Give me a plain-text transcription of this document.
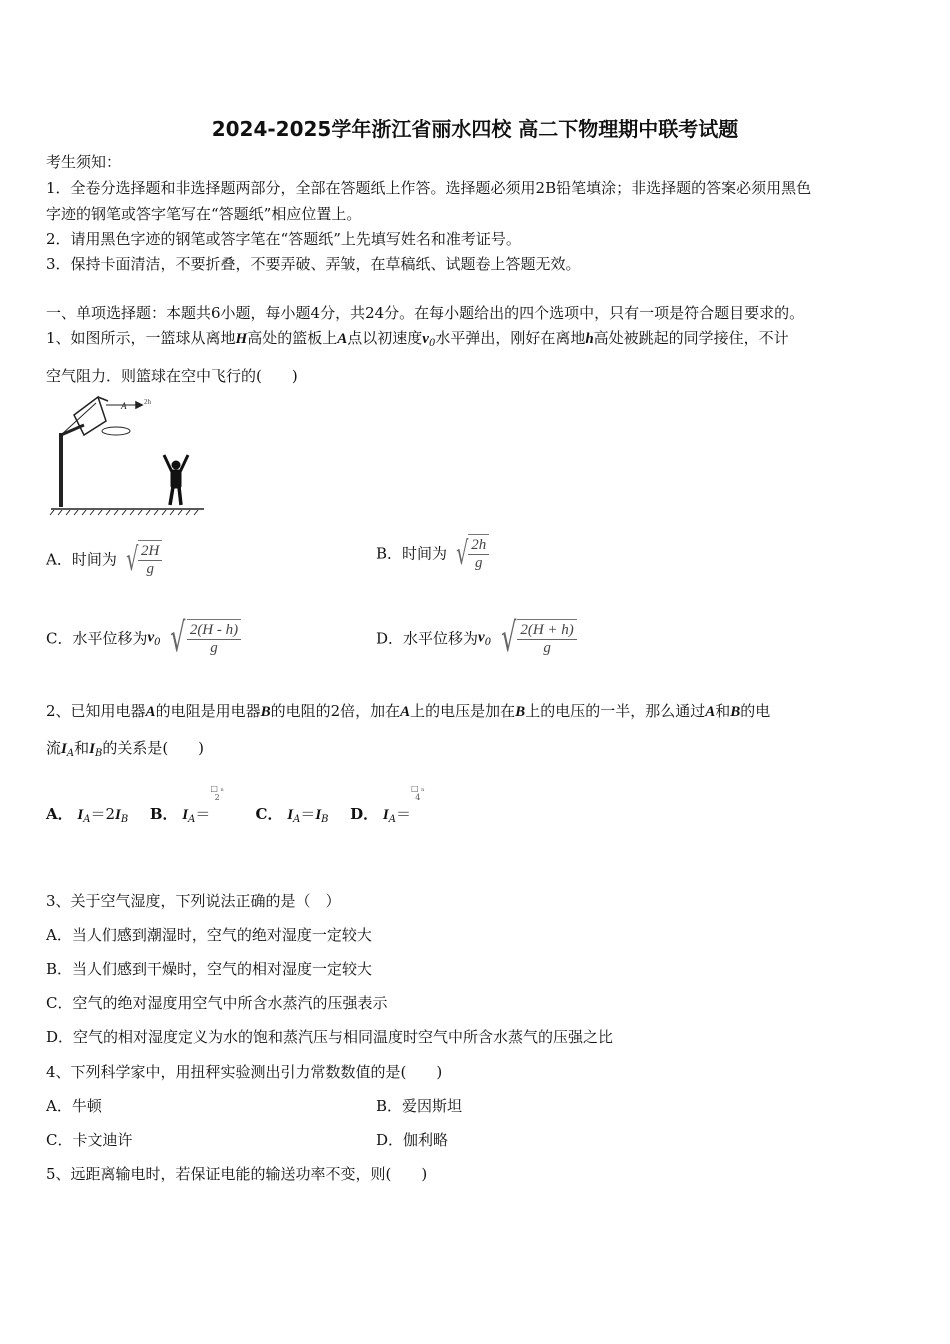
2024-2025学年浙江省丽水四校 高二下物理期中联考试题
考生须知：
1．全卷分选择题和非选择题两部分，全部在答题纸上作答。选择题必须用2B铅笔填涂；非选择题的答案必须用黑色
字迹的钢笔或答字笔写在“答题纸”相应位置上。
2．请用黑色字迹的钢笔或答字笔在“答题纸”上先填写姓名和准考证号。
3．保持卡面清洁，不要折叠，不要弄破、弄皱，在草稿纸、试题卷上答题无效。
一、单项选择题：本题共6小题，每小题4分，共24分。在每小题给出的四个选项中，只有一项是符合题目要求的。
1、如图所示，一篮球从离地H高处的篮板上A点以初速度$v_0$水平弹出，刚好在离地h高处被跳起的同学接住，不计
空气阻力．则篮球在空中飞行的(　　)
A	2h
A．时间为 √ $\frac{2H}{g}$	B．时间为 √ $\frac{2h}{g}$
C．水平位移为$v_0$ √ $\frac{2(H - h)}{g}$	D．水平位移为$v_0$ √ $\frac{2(H + h)}{g}$
2、已知用电器A的电阻是用电器B的电阻的2倍，加在A上的电压是加在B上的电压的一半，那么通过A和B的电
流$I_A$和$I_B$的关系是(　　)
A． $I_A=2I_B$ B． $I_A=□$ ₙ
2  C． $I_A=I_B$ D． $I_A=□$ ₙ
4
3、关于空气湿度，下列说法正确的是（　）
A．当人们感到潮湿时，空气的绝对湿度一定较大
B．当人们感到干燥时，空气的相对湿度一定较大
C．空气的绝对湿度用空气中所含水蒸汽的压强表示
D．空气的相对湿度定义为水的饱和蒸汽压与相同温度时空气中所含水蒸气的压强之比
4、下列科学家中，用扭秤实验测出引力常数数值的是(　　)
A．牛顿	B．爱因斯坦
C．卡文迪许	D．伽利略
5、远距离输电时，若保证电能的输送功率不变，则(　　)
